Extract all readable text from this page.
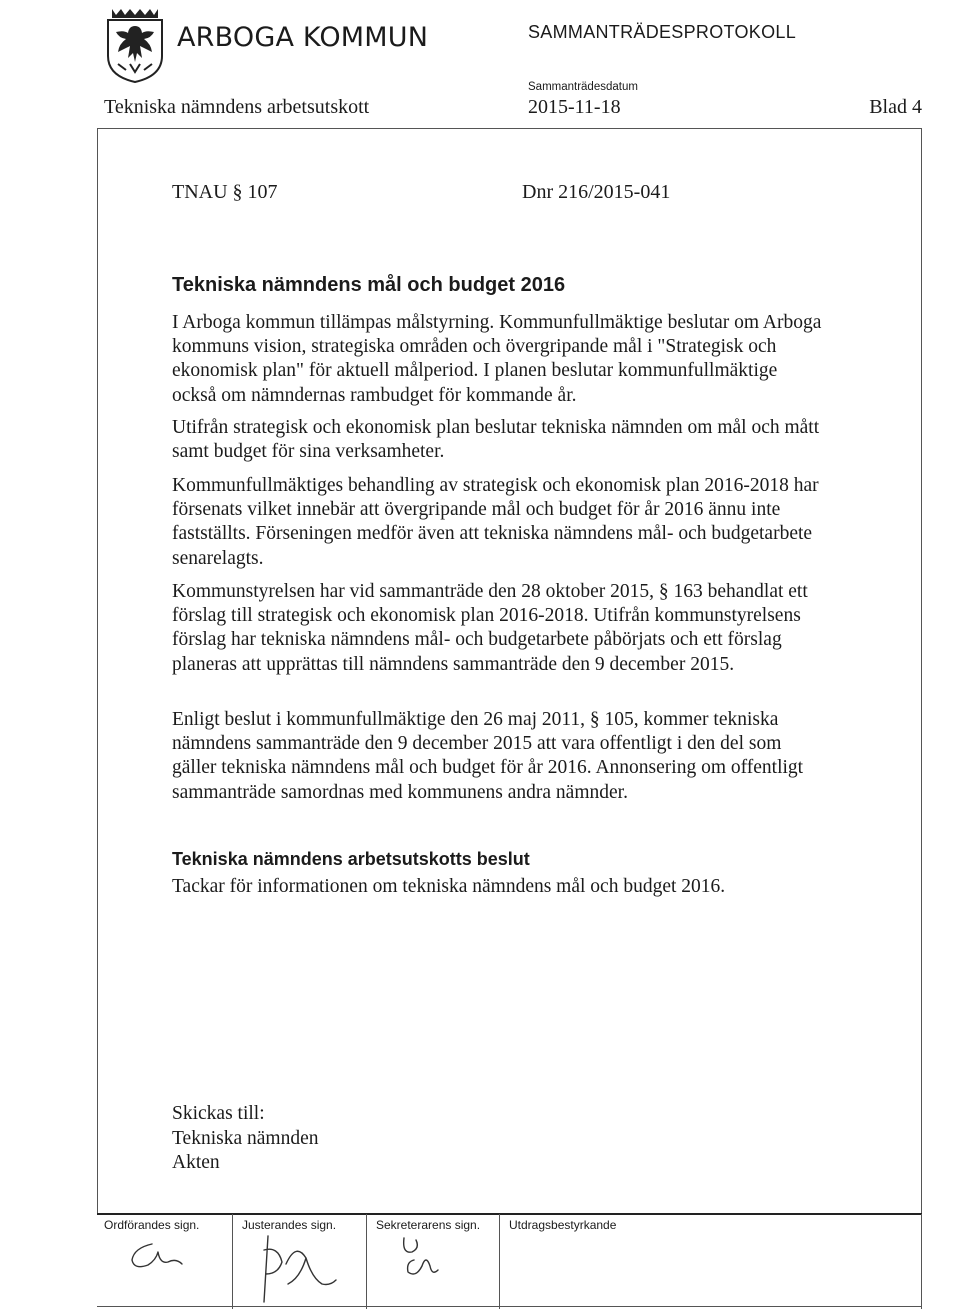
ARBOGA KOMMUN	SAMMANTRÄDESPROTOKOLL
Tekniska nämndens arbetsutskott
Sammanträdesdatum
2015-11-18	Blad 4
TNAU § 107	Dnr 216/2015-041
Tekniska nämndens mål och budget 2016
I Arboga kommun tillämpas målstyrning. Kommunfullmäktige beslutar om Arboga kommuns vision, strategiska områden och övergripande mål i "Strategisk och ekonomisk plan" för aktuell målperiod. I planen beslutar kommunfullmäktige också om nämndernas rambudget för kommande år.
Utifrån strategisk och ekonomisk plan beslutar tekniska nämnden om mål och mått samt budget för sina verksamheter.
Kommunfullmäktiges behandling av strategisk och ekonomisk plan 2016-2018 har försenats vilket innebär att övergripande mål och budget för år 2016 ännu inte fastställts. Förseningen medför även att tekniska nämndens mål- och budgetarbete senarelagts.
Kommunstyrelsen har vid sammanträde den 28 oktober 2015, § 163 behandlat ett förslag till strategisk och ekonomisk plan 2016-2018. Utifrån kommunstyrelsens förslag har tekniska nämndens mål- och budgetarbete påbörjats och ett förslag planeras att upprättas till nämndens sammanträde den 9 december 2015.
Enligt beslut i kommunfullmäktige den 26 maj 2011, § 105, kommer tekniska nämndens sammanträde den 9 december 2015 att vara offentligt i den del som gäller tekniska nämndens mål och budget för år 2016. Annonsering om offentligt sammanträde samordnas med kommunens andra nämnder.
Tekniska nämndens arbetsutskotts beslut
Tackar för informationen om tekniska nämndens mål och budget 2016.
Skickas till:
Tekniska nämnden
Akten
Ordförandes sign.	Justerandes sign.	Sekreterarens sign. Utdragsbestyrkande
